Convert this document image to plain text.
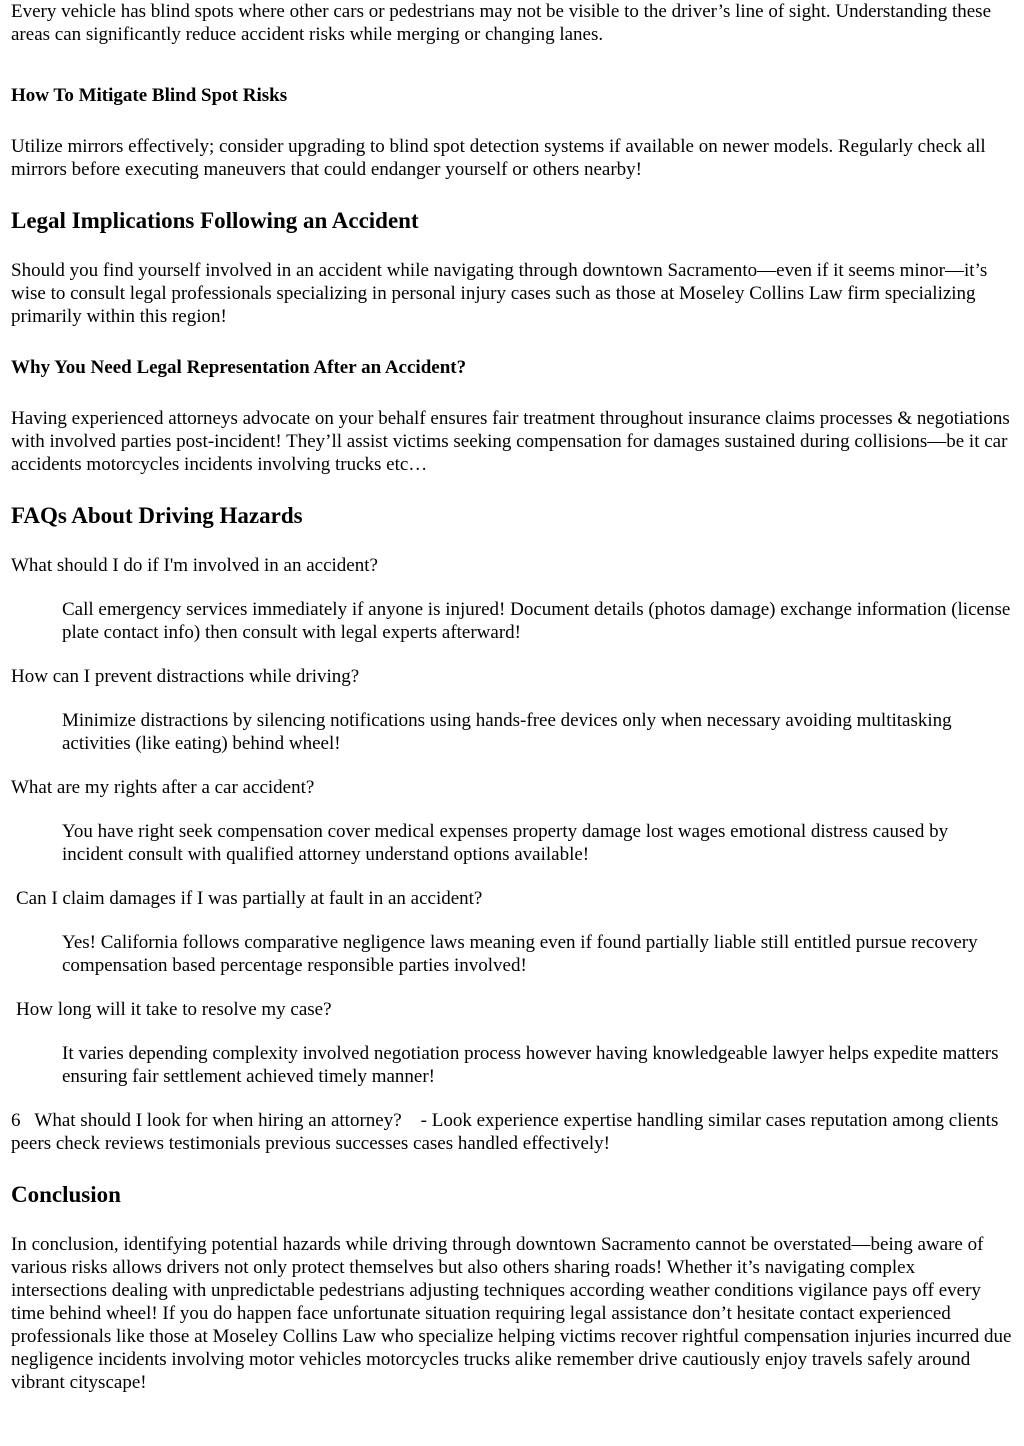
Every vehicle has blind spots where other cars or pedestrians may not be visible to the driver’s line of sight. Understanding these areas can significantly reduce accident risks while merging or changing lanes.

How To Mitigate Blind Spot Risks

Utilize mirrors effectively; consider upgrading to blind spot detection systems if available on newer models. Regularly check all mirrors before executing maneuvers that could endanger yourself or others nearby!

Legal Implications Following an Accident

Should you find yourself involved in an accident while navigating through downtown Sacramento—even if it seems minor—it’s wise to consult legal professionals specializing in personal injury cases such as those at Moseley Collins Law firm specializing primarily within this region!

Why You Need Legal Representation After an Accident?

Having experienced attorneys advocate on your behalf ensures fair treatment throughout insurance claims processes & negotiations with involved parties post-incident! They’ll assist victims seeking compensation for damages sustained during collisions—be it car accidents motorcycles incidents involving trucks etc…

FAQs About Driving Hazards

What should I do if I'm involved in an accident?

Call emergency services immediately if anyone is injured! Document details (photos damage) exchange information (license plate contact info) then consult with legal experts afterward!

How can I prevent distractions while driving?

Minimize distractions by silencing notifications using hands-free devices only when necessary avoiding multitasking activities (like eating) behind wheel!

What are my rights after a car accident?

You have right seek compensation cover medical expenses property damage lost wages emotional distress caused by incident consult with qualified attorney understand options available!

Can I claim damages if I was partially at fault in an accident?

Yes! California follows comparative negligence laws meaning even if found partially liable still entitled pursue recovery compensation based percentage responsible parties involved!

How long will it take to resolve my case?

It varies depending complexity involved negotiation process however having knowledgeable lawyer helps expedite matters ensuring fair settlement achieved timely manner!

6   What should I look for when hiring an attorney?    - Look experience expertise handling similar cases reputation among clients peers check reviews testimonials previous successes cases handled effectively!

Conclusion

In conclusion, identifying potential hazards while driving through downtown Sacramento cannot be overstated—being aware of various risks allows drivers not only protect themselves but also others sharing roads! Whether it’s navigating complex intersections dealing with unpredictable pedestrians adjusting techniques according weather conditions vigilance pays off every time behind wheel! If you do happen face unfortunate situation requiring legal assistance don’t hesitate contact experienced professionals like those at Moseley Collins Law who specialize helping victims recover rightful compensation injuries incurred due negligence incidents involving motor vehicles motorcycles trucks alike remember drive cautiously enjoy travels safely around vibrant cityscape!
